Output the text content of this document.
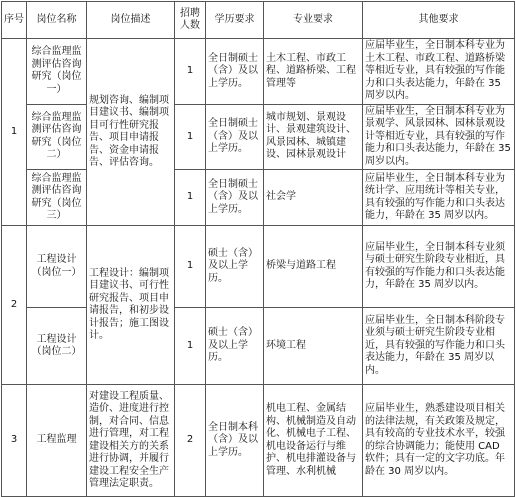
序号	岗位名称	岗位描述	招聘人数	学历要求	专业要求	其他要求
1	综合监理监测评估咨询研究（岗位一）	规划咨询、编制项目建议书、编制项目可行性研究报告、项目申请报告、资金申请报告、评估咨询。	1	全日制硕士（含）及以上学历。	土木工程、市政工程、道路桥梁、工程管理等	应届毕业生，全日制本科专业为土木工程、市政工程、道路桥梁等相近专业，具有较强的写作能力和口头表达能力，年龄在 35 周岁以内。
	综合监理监测评估咨询研究（岗位二）		1	全日制硕士（含）及以上学历。	城市规划、景观设计、景观建筑设计、风景园林、城镇建设、园林景观设计	应届毕业生，全日制本科专业为景观学、风景园林、园林景观设计等相近专业，具有较强的写作能力和口头表达能力，年龄在 35 周岁以内。
	综合监理监测评估咨询研究（岗位三）		1	全日制硕士（含）及以上学历。	社会学	应届毕业生，全日制本科专业为统计学、应用统计等相关专业，具有较强的写作能力和口头表达能力，年龄在 35 周岁以内。
2	工程设计（岗位一）	工程设计：编制项目建议书、可行性研究报告、项目申请报告，和初步设计报告；施工图设计。	1	硕士（含）及以上学历。	桥梁与道路工程	应届毕业生，全日制本科专业须与硕士研究生阶段专业相近，具有较强的写作能力和口头表达能力，年龄在 35 周岁以内。
	工程设计（岗位二）		1	硕士（含）及以上学历。	环境工程	应届毕业生，全日制本科阶段专业须与硕士研究生阶段专业相近，具有较强的写作能力和口头表达能力，年龄在 35 周岁以内。
3	工程监理	对建设工程质量、造价、进度进行控制，对合同、信息进行管理，对工程建设相关方的关系进行协调，并履行建设工程安全生产管理法定职责。	2	全日制本科（含）及以上学历。	机电工程、金属结构、机械制造及自动化、机械电子工程、机电设备运行与维护、机电排灌设备与管理、水利机械	应届毕业生，熟悉建设项目相关的法律法规，有关政策及规定，具有较高的专业技术水平，较强的综合协调能力；能使用 CAD 软件；具有一定的文字功底。年龄在 30 周岁以内。
